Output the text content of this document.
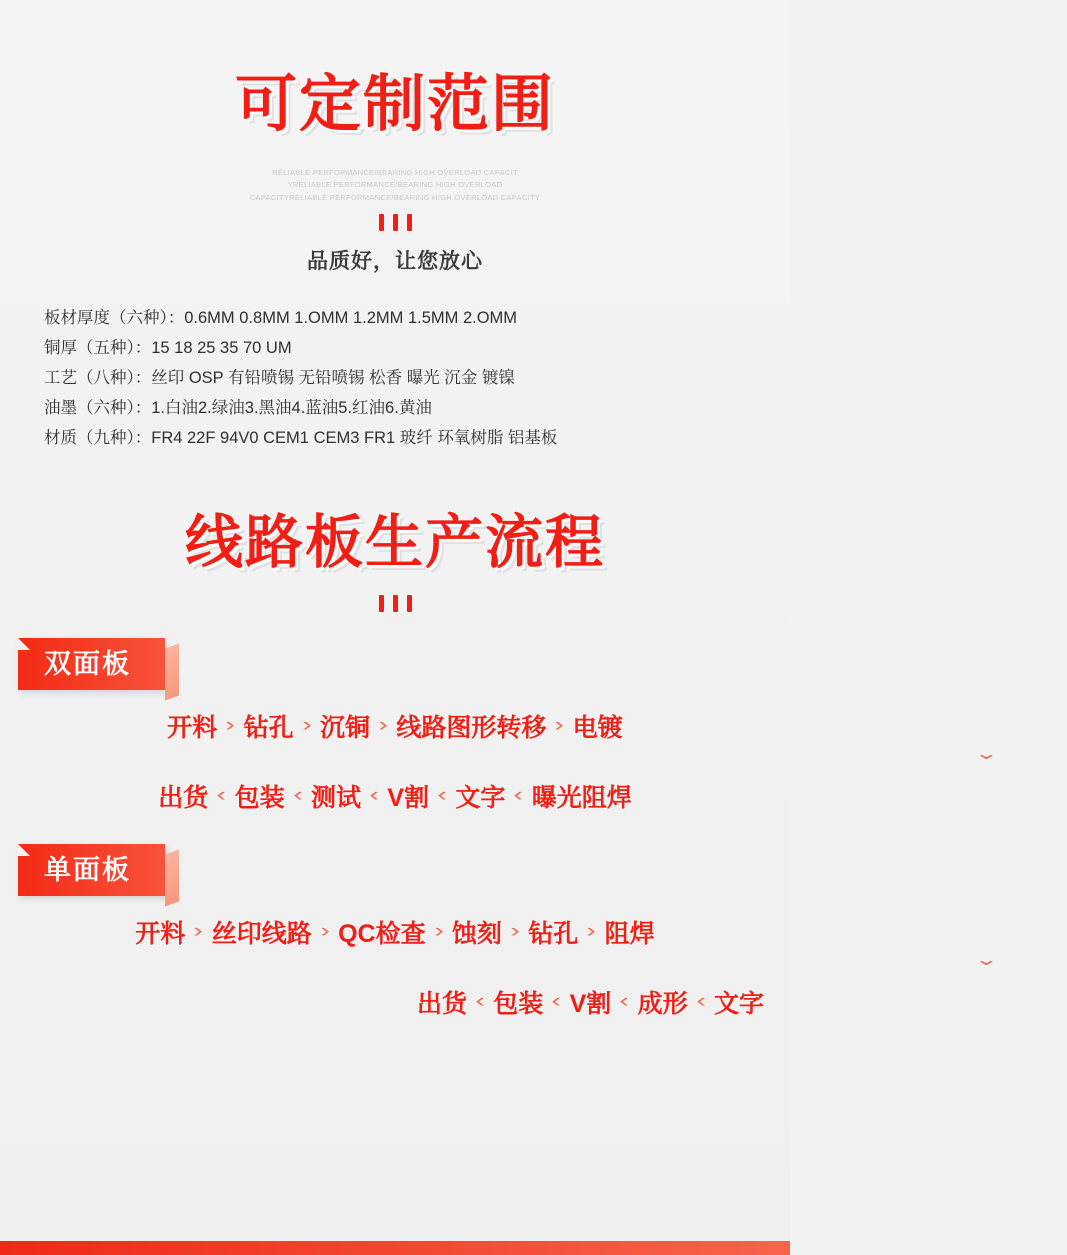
可定制范围
RELIABLE PERFORMANCE/BEARING HIGH OVERLOAD CAPACIT
YRELIABLE PERFORMANCE/BEARING HIGH OVERLOAD
CAPACITYRELIABLE PERFORMANCE/BEARING HIGH OVERLOAD CAPACITY
品质好，让您放心
板材厚度（六种）：0.6MM 0.8MM 1.OMM 1.2MM 1.5MM 2.OMM
铜厚（五种）：15 18 25 35 70 UM
工艺（八种）：丝印 OSP 有铅喷锡 无铅喷锡 松香 曝光 沉金 镀镍
油墨（六种）：1.白油2.绿油3.黑油4.蓝油5.红油6.黄油
材质（九种）：FR4 22F 94V0 CEM1 CEM3 FR1 玻纤 环氧树脂 铝基板
线路板生产流程
双面板
开料 › 钻孔 › 沉铜 › 线路图形转移 › 电镀
⌄
出货 ‹ 包装 ‹ 测试 ‹ V割 ‹ 文字 ‹ 曝光阻焊
单面板
开料 › 丝印线路 › QC检查 › 蚀刻 › 钻孔 › 阻焊
⌄
出货 ‹ 包装 ‹ V割 ‹ 成形 ‹ 文字
